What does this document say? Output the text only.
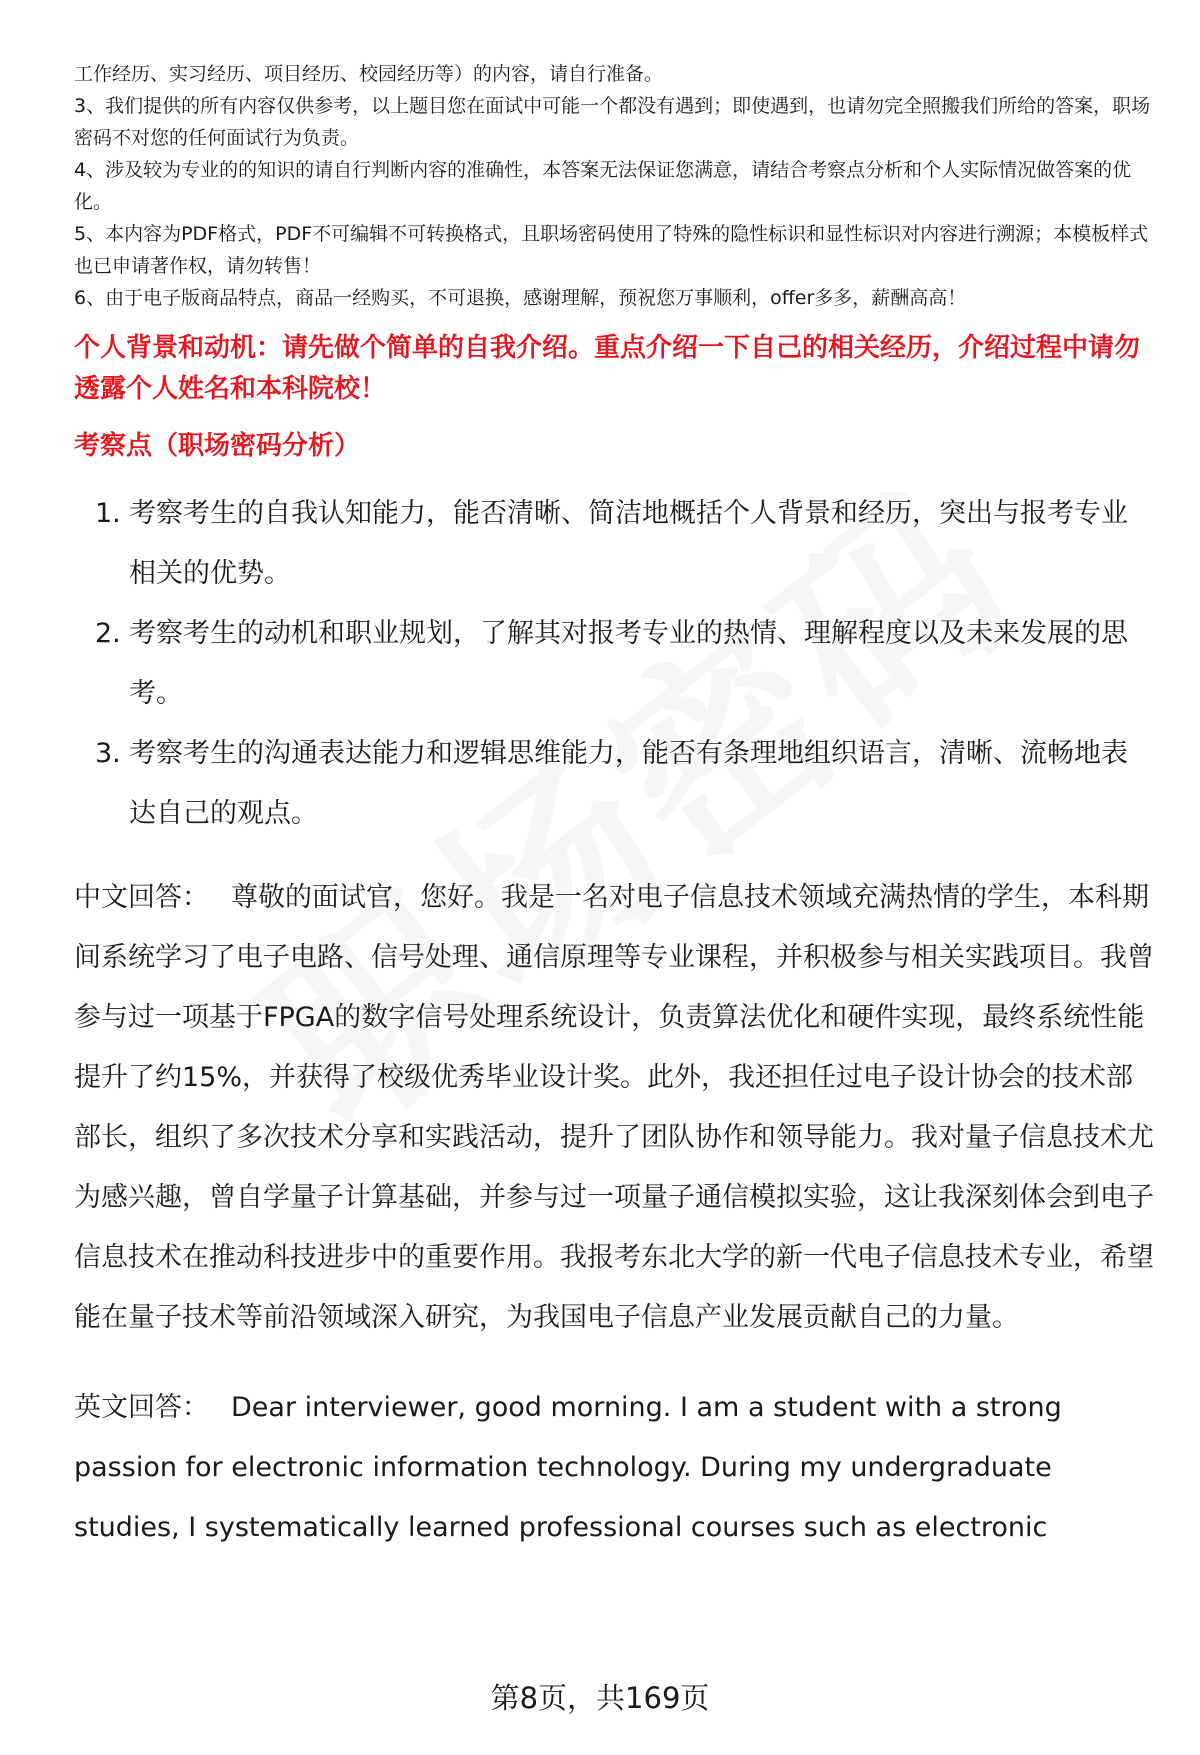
工作经历、实习经历、项目经历、校园经历等）的内容，请自行准备。

3、我们提供的所有内容仅供参考，以上题目您在面试中可能一个都没有遇到；即使遇到，也请勿完全照搬我们所给的答案，职场密码不对您的任何面试行为负责。

4、涉及较为专业的的知识的请自行判断内容的准确性，本答案无法保证您满意，请结合考察点分析和个人实际情况做答案的优化。

5、本内容为PDF格式，PDF不可编辑不可转换格式，且职场密码使用了特殊的隐性标识和显性标识对内容进行溯源；本模板样式也已申请著作权，请勿转售！

6、由于电子版商品特点，商品一经购买，不可退换，感谢理解，预祝您万事顺利，offer多多，薪酬高高！

个人背景和动机：请先做个简单的自我介绍。重点介绍一下自己的相关经历，介绍过程中请勿透露个人姓名和本科院校！
考察点（职场密码分析）
1. 考察考生的自我认知能力，能否清晰、简洁地概括个人背景和经历，突出与报考专业相关的优势。
2. 考察考生的动机和职业规划，了解其对报考专业的热情、理解程度以及未来发展的思考。
3. 考察考生的沟通表达能力和逻辑思维能力，能否有条理地组织语言，清晰、流畅地表达自己的观点。

中文回答： 尊敬的面试官，您好。我是一名对电子信息技术领域充满热情的学生，本科期间系统学习了电子电路、信号处理、通信原理等专业课程，并积极参与相关实践项目。我曾参与过一项基于FPGA的数字信号处理系统设计，负责算法优化和硬件实现，最终系统性能提升了约15%，并获得了校级优秀毕业设计奖。此外，我还担任过电子设计协会的技术部部长，组织了多次技术分享和实践活动，提升了团队协作和领导能力。我对量子信息技术尤为感兴趣，曾自学量子计算基础，并参与过一项量子通信模拟实验，这让我深刻体会到电子信息技术在推动科技进步中的重要作用。我报考东北大学的新一代电子信息技术专业，希望能在量子技术等前沿领域深入研究，为我国电子信息产业发展贡献自己的力量。

英文回答： Dear interviewer, good morning. I am a student with a strong passion for electronic information technology. During my undergraduate studies, I systematically learned professional courses such as electronic

第8页，共169页
